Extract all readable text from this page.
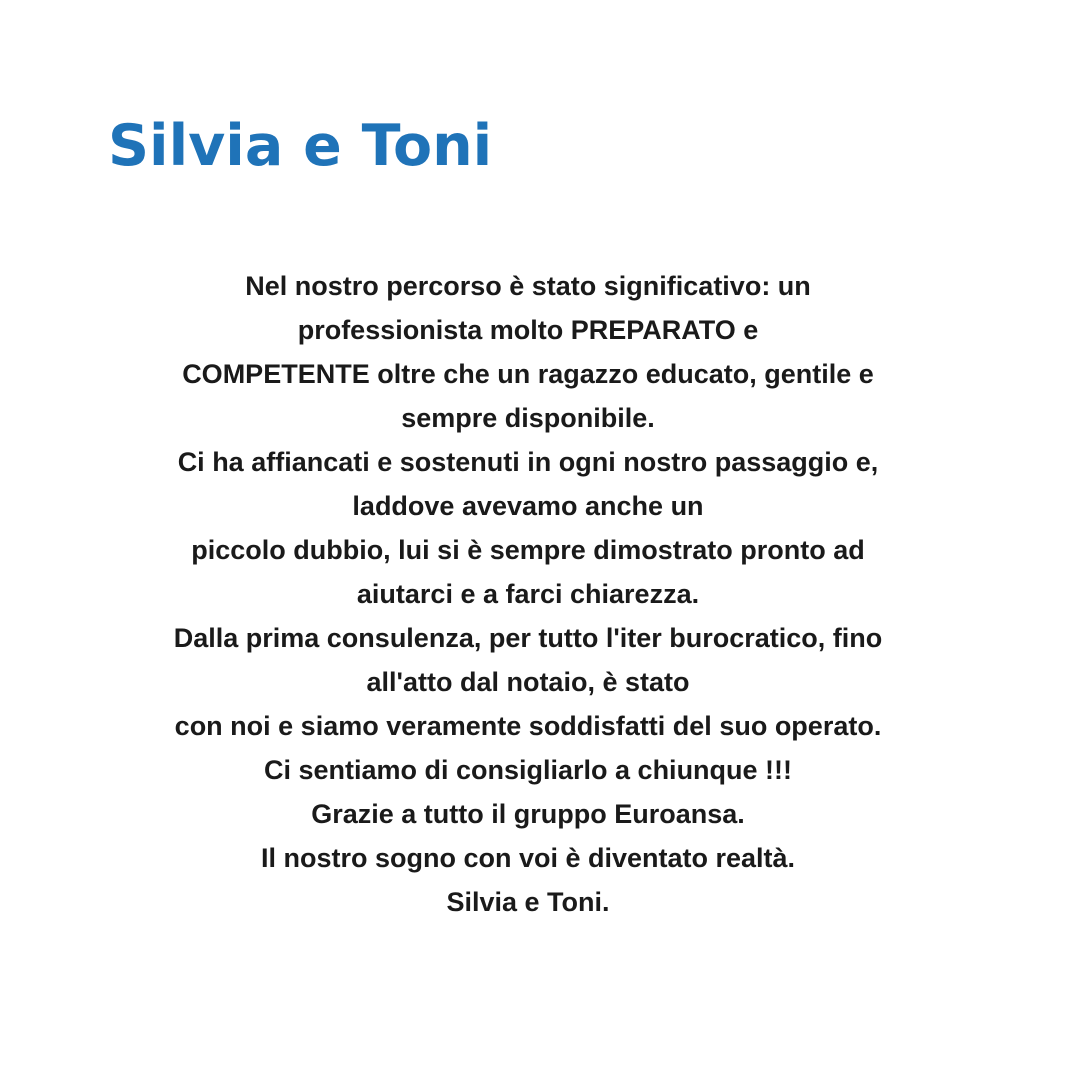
Silvia e Toni
Nel nostro percorso è stato significativo: un
professionista molto PREPARATO e
COMPETENTE oltre che un ragazzo educato, gentile e
sempre disponibile.
Ci ha affiancati e sostenuti in ogni nostro passaggio e,
laddove avevamo anche un
piccolo dubbio, lui si è sempre dimostrato pronto ad
aiutarci e a farci chiarezza.
Dalla prima consulenza, per tutto l'iter burocratico, fino
all'atto dal notaio, è stato
con noi e siamo veramente soddisfatti del suo operato.
Ci sentiamo di consigliarlo a chiunque !!!
Grazie a tutto il gruppo Euroansa.
Il nostro sogno con voi è diventato realtà.
Silvia e Toni.
